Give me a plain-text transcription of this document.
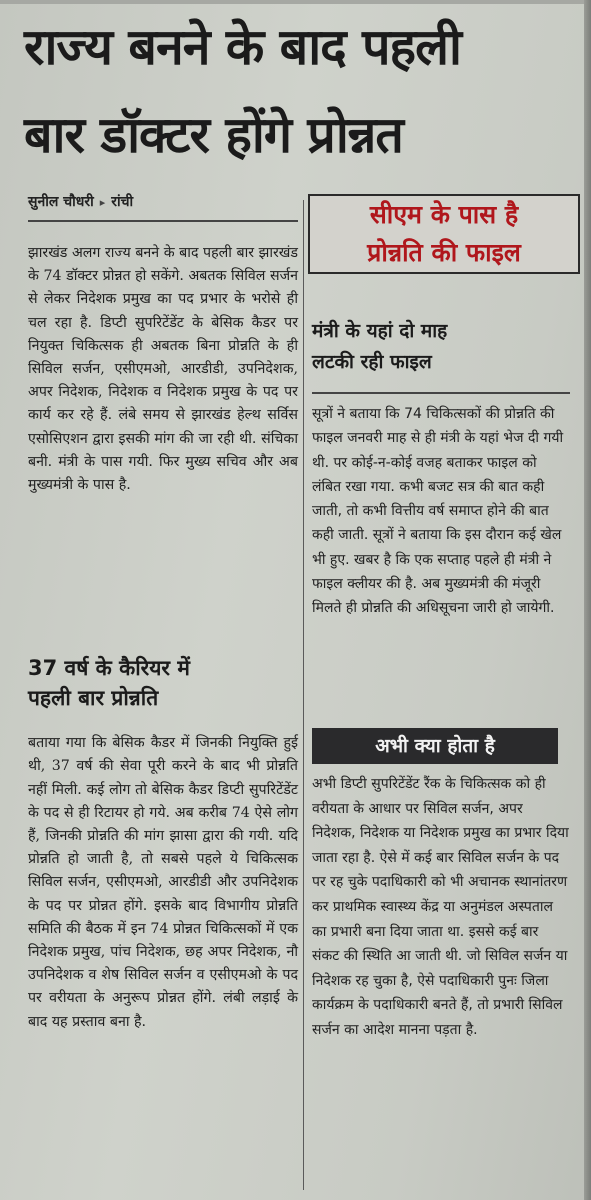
राज्य बनने के बाद पहली
बार डॉक्टर होंगे प्रोन्नत
सुनील चौधरी ▸ रांची

झारखंड अलग राज्य बनने के बाद पहली बार झारखंड के 74 डॉक्टर प्रोन्नत हो सकेंगे. अबतक सिविल सर्जन से लेकर निदेशक प्रमुख का पद प्रभार के भरोसे ही चल रहा है. डिप्टी सुपरिटेंडेंट के बेसिक कैडर पर नियुक्त चिकित्सक ही अबतक बिना प्रोन्नति के ही सिविल सर्जन, एसीएमओ, आरडीडी, उपनिदेशक, अपर निदेशक, निदेशक व निदेशक प्रमुख के पद पर कार्य कर रहे हैं. लंबे समय से झारखंड हेल्थ सर्विस एसोसिएशन द्वारा इसकी मांग की जा रही थी. संचिका बनी. मंत्री के पास गयी. फिर मुख्य सचिव और अब मुख्यमंत्री के पास है.

37 वर्ष के कैरियर में
पहली बार प्रोन्नति

बताया गया कि बेसिक कैडर में जिनकी नियुक्ति हुई थी, 37 वर्ष की सेवा पूरी करने के बाद भी प्रोन्नति नहीं मिली. कई लोग तो बेसिक कैडर डिप्टी सुपरिटेंडेंट के पद से ही रिटायर हो गये. अब करीब 74 ऐसे लोग हैं, जिनकी प्रोन्नति की मांग झासा द्वारा की गयी. यदि प्रोन्नति हो जाती है, तो सबसे पहले ये चिकित्सक सिविल सर्जन, एसीएमओ, आरडीडी और उपनिदेशक के पद पर प्रोन्नत होंगे. इसके बाद विभागीय प्रोन्नति समिति की बैठक में इन 74 प्रोन्नत चिकित्सकों में एक निदेशक प्रमुख, पांच निदेशक, छह अपर निदेशक, नौ उपनिदेशक व शेष सिविल सर्जन व एसीएमओ के पद पर वरीयता के अनुरूप प्रोन्नत होंगे. लंबी लड़ाई के बाद यह प्रस्ताव बना है.

सीएम के पास है
प्रोन्नति की फाइल
मंत्री के यहां दो माह
लटकी रही फाइल
सूत्रों ने बताया कि 74 चिकित्सकों की प्रोन्नति की फाइल जनवरी माह से ही मंत्री के यहां भेज दी गयी थी. पर कोई-न-कोई वजह बताकर फाइल को लंबित रखा गया. कभी बजट सत्र की बात कही जाती, तो कभी वित्तीय वर्ष समाप्त होने की बात कही जाती. सूत्रों ने बताया कि इस दौरान कई खेल भी हुए. खबर है कि एक सप्ताह पहले ही मंत्री ने फाइल क्लीयर की है. अब मुख्यमंत्री की मंजूरी मिलते ही प्रोन्नति की अधिसूचना जारी हो जायेगी.
अभी क्या होता है
अभी डिप्टी सुपरिटेंडेंट रैंक के चिकित्सक को ही वरीयता के आधार पर सिविल सर्जन, अपर निदेशक, निदेशक या निदेशक प्रमुख का प्रभार दिया जाता रहा है. ऐसे में कई बार सिविल सर्जन के पद पर रह चुके पदाधिकारी को भी अचानक स्थानांतरण कर प्राथमिक स्वास्थ्य केंद्र या अनुमंडल अस्पताल का प्रभारी बना दिया जाता था. इससे कई बार संकट की स्थिति आ जाती थी. जो सिविल सर्जन या निदेशक रह चुका है, ऐसे पदाधिकारी पुनः जिला कार्यक्रम के पदाधिकारी बनते हैं, तो प्रभारी सिविल सर्जन का आदेश मानना पड़ता है.
